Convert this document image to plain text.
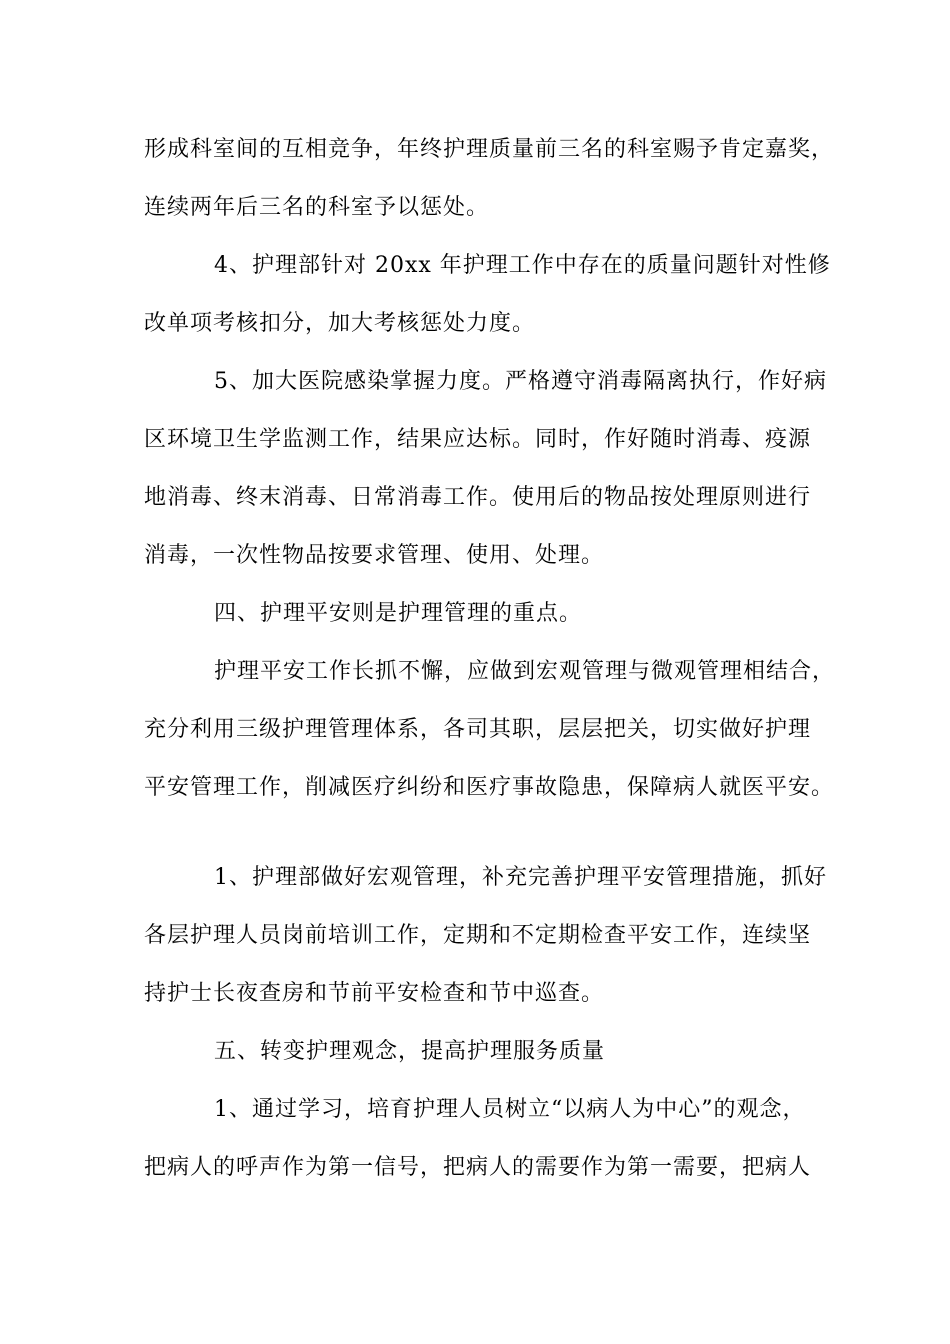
形成科室间的互相竞争，年终护理质量前三名的科室赐予肯定嘉奖，
连续两年后三名的科室予以惩处。
4、护理部针对 20xx 年护理工作中存在的质量问题针对性修
改单项考核扣分，加大考核惩处力度。
5、加大医院感染掌握力度。严格遵守消毒隔离执行，作好病
区环境卫生学监测工作，结果应达标。同时，作好随时消毒、疫源
地消毒、终末消毒、日常消毒工作。使用后的物品按处理原则进行
消毒，一次性物品按要求管理、使用、处理。
四、护理平安则是护理管理的重点。
护理平安工作长抓不懈，应做到宏观管理与微观管理相结合，
充分利用三级护理管理体系，各司其职，层层把关，切实做好护理
平安管理工作，削减医疗纠纷和医疗事故隐患，保障病人就医平安。
1、护理部做好宏观管理，补充完善护理平安管理措施，抓好
各层护理人员岗前培训工作，定期和不定期检查平安工作，连续坚
持护士长夜查房和节前平安检查和节中巡查。
五、转变护理观念，提高护理服务质量
1、通过学习，培育护理人员树立“以病人为中心”的观念，
把病人的呼声作为第一信号，把病人的需要作为第一需要，把病人
